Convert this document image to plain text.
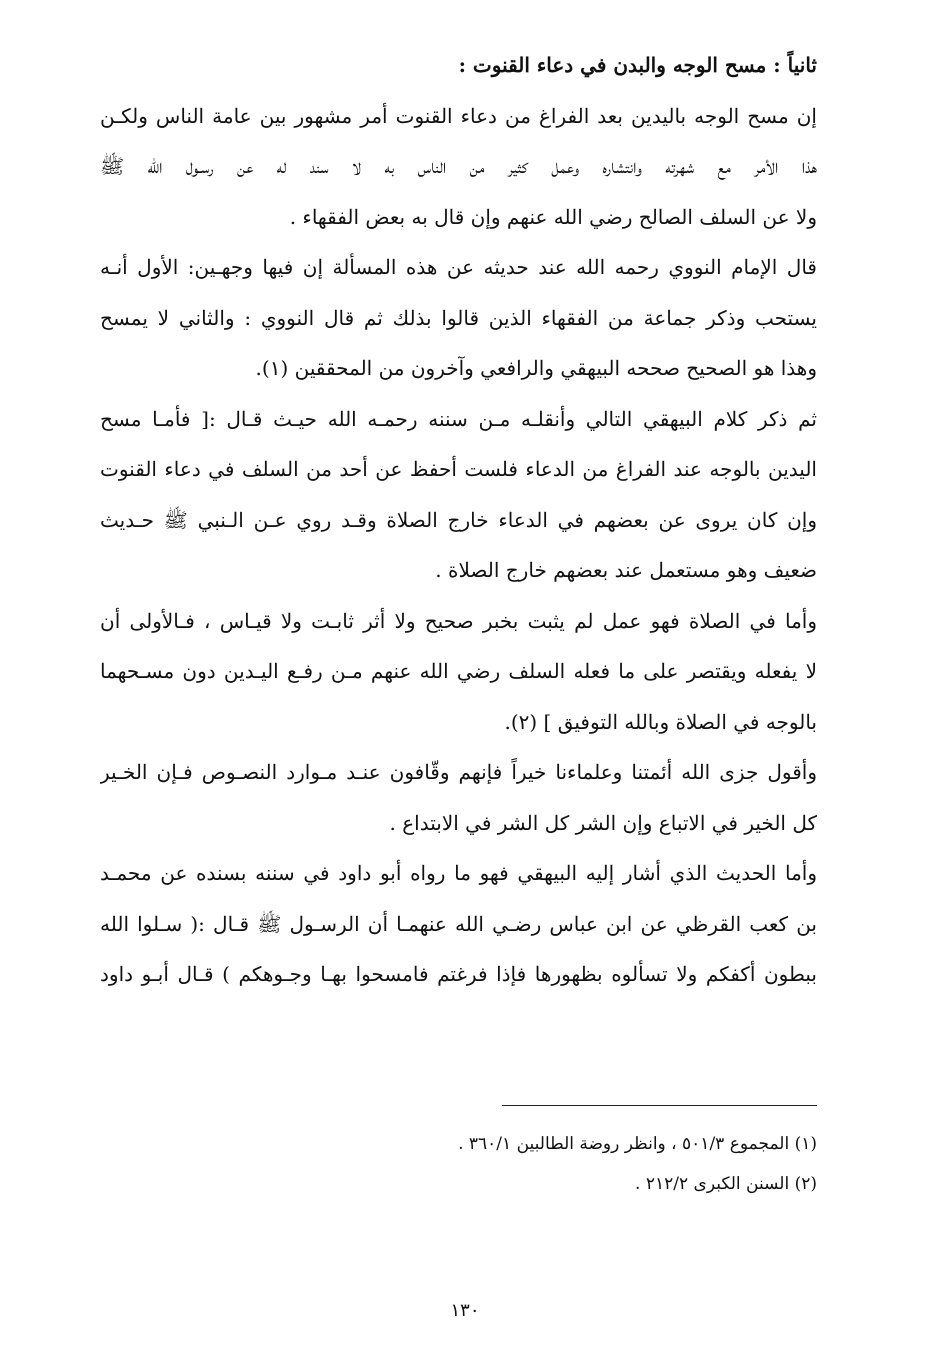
ثانياً : مسح الوجه والبدن في دعاء القنوت :
إن مسح الوجه باليدين بعد الفراغ من دعاء القنوت أمر مشهور بين عامة الناس ولكـن
هذا الأمر مع شهرته وانتشاره وعمل كثير من الناس به لا سند له عن رسـول الله ﷺ
ولا عن السلف الصالح رضي الله عنهم وإن قال به بعض الفقهاء .
قال الإمام النووي رحمه الله عند حديثه عن هذه المسألة إن فيها وجهـين: الأول أنـه
يستحب وذكر جماعة من الفقهاء الذين قالوا بذلك ثم قال النووي : والثاني لا يمسح
وهذا هو الصحيح صححه البيهقي والرافعي وآخرون من المحققين (١).
ثم ذكر كلام البيهقي التالي وأنقلـه مـن سننه رحمـه الله حيـث قـال :[ فأمـا مسح
اليدين بالوجه عند الفراغ من الدعاء فلست أحفظ عن أحد من السلف في دعاء القنوت
وإن كان يروى عن بعضهم في الدعاء خارج الصلاة وقـد روي عـن الـنبي ﷺ حـديث
ضعيف وهو مستعمل عند بعضهم خارج الصلاة .
وأما في الصلاة فهو عمل لم يثبت بخبر صحيح ولا أثر ثابـت ولا قيـاس ، فـالأولى أن
لا يفعله ويقتصر على ما فعله السلف رضي الله عنهم مـن رفـع اليـدين دون مسـحهما
بالوجه في الصلاة وبالله التوفيق ] (٢).
وأقول جزى الله أئمتنا وعلماءنا خيراً فإنهم وقّافون عنـد مـوارد النصـوص فـإن الخـير
كل الخير في الاتباع وإن الشر كل الشر في الابتداع .
وأما الحديث الذي أشار إليه البيهقي فهو ما رواه أبو داود في سننه بسنده عن محمـد
بن كعب القرظي عن ابن عباس رضـي الله عنهمـا أن الرسـول ﷺ قـال :( سـلوا الله
ببطون أكفكم ولا تسألوه بظهورها فإذا فرغتم فامسحوا بهـا وجـوهكم ) قـال أبـو داود
(١) المجموع ٥٠١/٣ ، وانظر روضة الطالبين ٣٦٠/١ .
(٢) السنن الكبرى ٢١٢/٢ .
١٣٠
